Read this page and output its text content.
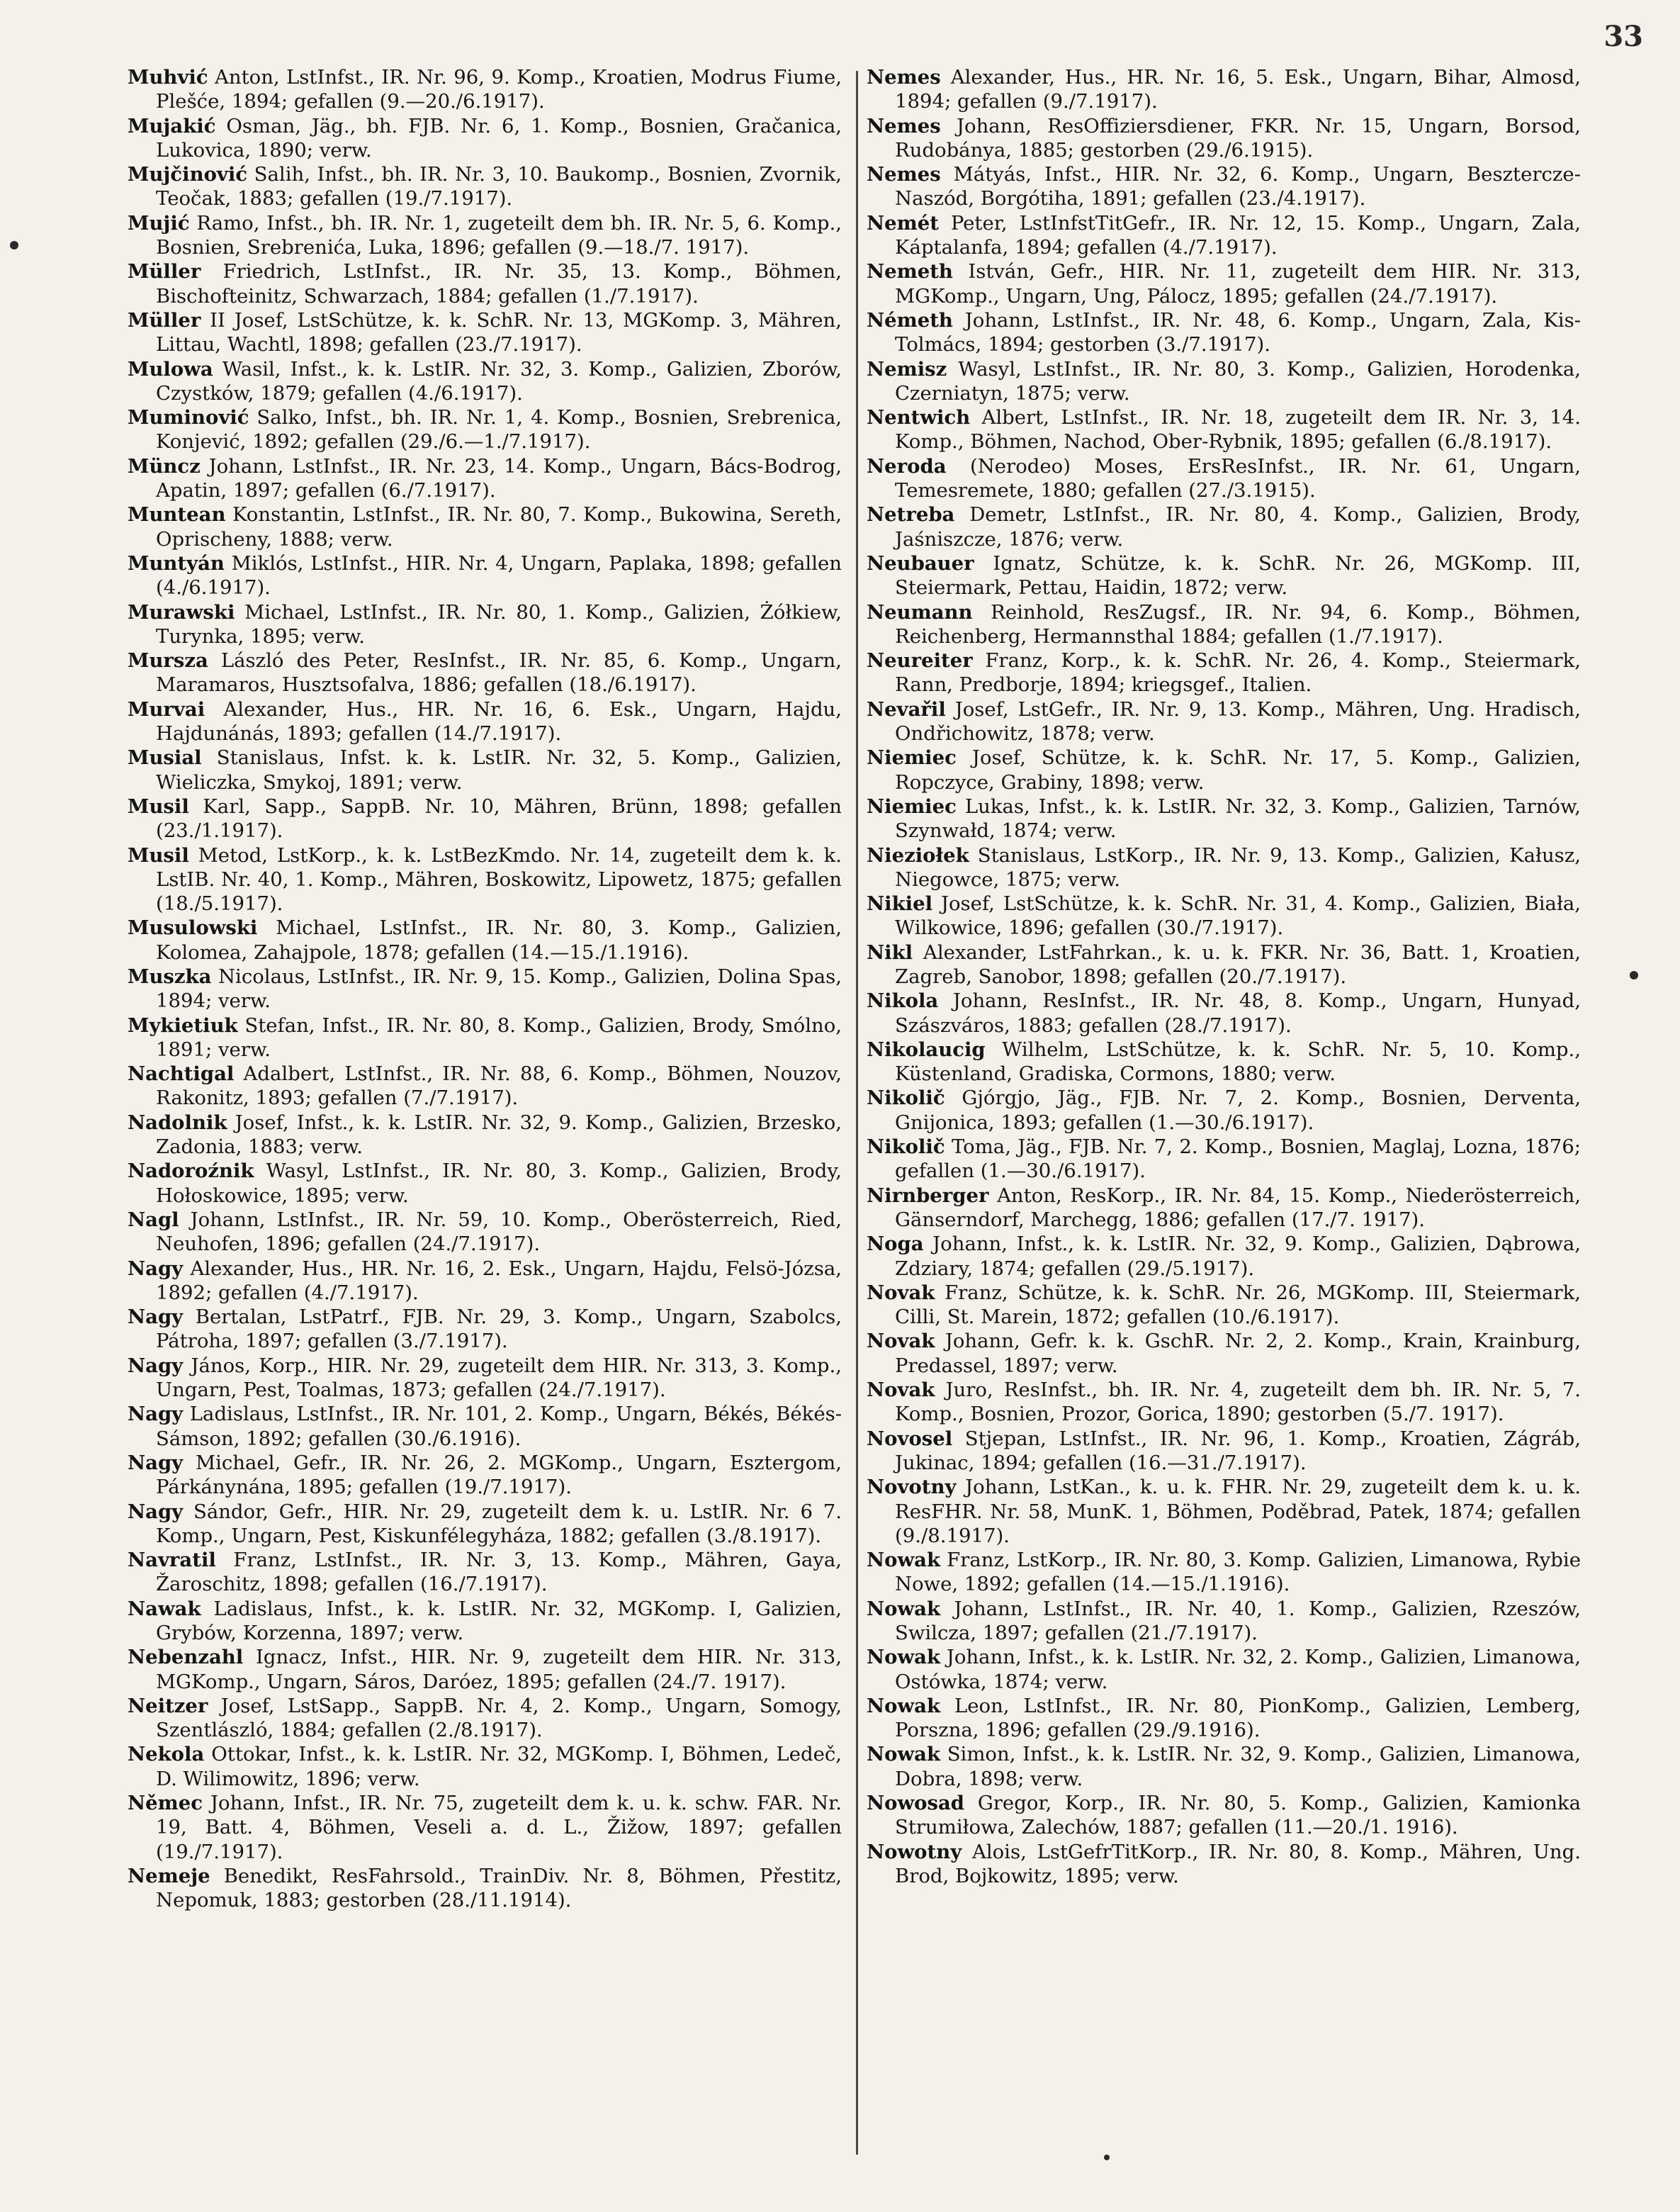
33

Muhvić Anton, LstInfst., IR. Nr. 96, 9. Komp., Kroatien, Modrus Fiume, Plešće, 1894; gefallen (9.—20./6.1917).

Mujakić Osman, Jäg., bh. FJB. Nr. 6, 1. Komp., Bosnien, Gračanica, Lukovica, 1890; verw.

Mujčinović Salih, Infst., bh. IR. Nr. 3, 10. Baukomp., Bosnien, Zvornik, Teočak, 1883; gefallen (19./7.1917).

Mujić Ramo, Infst., bh. IR. Nr. 1, zugeteilt dem bh. IR. Nr. 5, 6. Komp., Bosnien, Srebrenića, Luka, 1896; gefallen (9.—18./7. 1917).

Müller Friedrich, LstInfst., IR. Nr. 35, 13. Komp., Böhmen, Bischofteinitz, Schwarzach, 1884; gefallen (1./7.1917).

Müller II Josef, LstSchütze, k. k. SchR. Nr. 13, MGKomp. 3, Mähren, Littau, Wachtl, 1898; gefallen (23./7.1917).

Mulowa Wasil, Infst., k. k. LstIR. Nr. 32, 3. Komp., Galizien, Zborów, Czystków, 1879; gefallen (4./6.1917).

Muminović Salko, Infst., bh. IR. Nr. 1, 4. Komp., Bosnien, Srebrenica, Konjević, 1892; gefallen (29./6.—1./7.1917).

Müncz Johann, LstInfst., IR. Nr. 23, 14. Komp., Ungarn, Bács-Bodrog, Apatin, 1897; gefallen (6./7.1917).

Muntean Konstantin, LstInfst., IR. Nr. 80, 7. Komp., Bukowina, Sereth, Oprischeny, 1888; verw.

Muntyán Miklós, LstInfst., HIR. Nr. 4, Ungarn, Paplaka, 1898; gefallen (4./6.1917).

Murawski Michael, LstInfst., IR. Nr. 80, 1. Komp., Galizien, Żółkiew, Turynka, 1895; verw.

Mursza László des Peter, ResInfst., IR. Nr. 85, 6. Komp., Ungarn, Maramaros, Husztsofalva, 1886; gefallen (18./6.1917).

Murvai Alexander, Hus., HR. Nr. 16, 6. Esk., Ungarn, Hajdu, Hajdunánás, 1893; gefallen (14./7.1917).

Musial Stanislaus, Infst. k. k. LstIR. Nr. 32, 5. Komp., Galizien, Wieliczka, Smykoj, 1891; verw.

Musil Karl, Sapp., SappB. Nr. 10, Mähren, Brünn, 1898; gefallen (23./1.1917).

Musil Metod, LstKorp., k. k. LstBezKmdo. Nr. 14, zugeteilt dem k. k. LstIB. Nr. 40, 1. Komp., Mähren, Boskowitz, Lipowetz, 1875; gefallen (18./5.1917).

Musulowski Michael, LstInfst., IR. Nr. 80, 3. Komp., Galizien, Kolomea, Zahajpole, 1878; gefallen (14.—15./1.1916).

Muszka Nicolaus, LstInfst., IR. Nr. 9, 15. Komp., Galizien, Dolina Spas, 1894; verw.

Mykietiuk Stefan, Infst., IR. Nr. 80, 8. Komp., Galizien, Brody, Smólno, 1891; verw.

Nachtigal Adalbert, LstInfst., IR. Nr. 88, 6. Komp., Böhmen, Nouzov, Rakonitz, 1893; gefallen (7./7.1917).

Nadolnik Josef, Infst., k. k. LstIR. Nr. 32, 9. Komp., Galizien, Brzesko, Zadonia, 1883; verw.

Nadoroźnik Wasyl, LstInfst., IR. Nr. 80, 3. Komp., Galizien, Brody, Hołoskowice, 1895; verw.

Nagl Johann, LstInfst., IR. Nr. 59, 10. Komp., Oberösterreich, Ried, Neuhofen, 1896; gefallen (24./7.1917).

Nagy Alexander, Hus., HR. Nr. 16, 2. Esk., Ungarn, Hajdu, Felsö-Józsa, 1892; gefallen (4./7.1917).

Nagy Bertalan, LstPatrf., FJB. Nr. 29, 3. Komp., Ungarn, Szabolcs, Pátroha, 1897; gefallen (3./7.1917).

Nagy János, Korp., HIR. Nr. 29, zugeteilt dem HIR. Nr. 313, 3. Komp., Ungarn, Pest, Toalmas, 1873; gefallen (24./7.1917).

Nagy Ladislaus, LstInfst., IR. Nr. 101, 2. Komp., Ungarn, Békés, Békés-Sámson, 1892; gefallen (30./6.1916).

Nagy Michael, Gefr., IR. Nr. 26, 2. MGKomp., Ungarn, Esztergom, Párkánynána, 1895; gefallen (19./7.1917).

Nagy Sándor, Gefr., HIR. Nr. 29, zugeteilt dem k. u. LstIR. Nr. 6 7. Komp., Ungarn, Pest, Kiskunfélegyháza, 1882; gefallen (3./8.1917).

Navratil Franz, LstInfst., IR. Nr. 3, 13. Komp., Mähren, Gaya, Žaroschitz, 1898; gefallen (16./7.1917).

Nawak Ladislaus, Infst., k. k. LstIR. Nr. 32, MGKomp. I, Galizien, Grybów, Korzenna, 1897; verw.

Nebenzahl Ignacz, Infst., HIR. Nr. 9, zugeteilt dem HIR. Nr. 313, MGKomp., Ungarn, Sáros, Daróez, 1895; gefallen (24./7. 1917).

Neitzer Josef, LstSapp., SappB. Nr. 4, 2. Komp., Ungarn, Somogy, Szentlászló, 1884; gefallen (2./8.1917).

Nekola Ottokar, Infst., k. k. LstIR. Nr. 32, MGKomp. I, Böhmen, Ledeč, D. Wilimowitz, 1896; verw.

Němec Johann, Infst., IR. Nr. 75, zugeteilt dem k. u. k. schw. FAR. Nr. 19, Batt. 4, Böhmen, Veseli a. d. L., Žižow, 1897; gefallen (19./7.1917).

Nemeje Benedikt, ResFahrsold., TrainDiv. Nr. 8, Böhmen, Přestitz, Nepomuk, 1883; gestorben (28./11.1914).

Nemes Alexander, Hus., HR. Nr. 16, 5. Esk., Ungarn, Bihar, Almosd, 1894; gefallen (9./7.1917).

Nemes Johann, ResOffiziersdiener, FKR. Nr. 15, Ungarn, Borsod, Rudobánya, 1885; gestorben (29./6.1915).

Nemes Mátyás, Infst., HIR. Nr. 32, 6. Komp., Ungarn, Besztercze-Naszód, Borgótiha, 1891; gefallen (23./4.1917).

Nemét Peter, LstInfstTitGefr., IR. Nr. 12, 15. Komp., Ungarn, Zala, Káptalanfa, 1894; gefallen (4./7.1917).

Nemeth István, Gefr., HIR. Nr. 11, zugeteilt dem HIR. Nr. 313, MGKomp., Ungarn, Ung, Pálocz, 1895; gefallen (24./7.1917).

Németh Johann, LstInfst., IR. Nr. 48, 6. Komp., Ungarn, Zala, Kis-Tolmács, 1894; gestorben (3./7.1917).

Nemisz Wasyl, LstInfst., IR. Nr. 80, 3. Komp., Galizien, Horodenka, Czerniatyn, 1875; verw.

Nentwich Albert, LstInfst., IR. Nr. 18, zugeteilt dem IR. Nr. 3, 14. Komp., Böhmen, Nachod, Ober-Rybnik, 1895; gefallen (6./8.1917).

Neroda (Nerodeo) Moses, ErsResInfst., IR. Nr. 61, Ungarn, Temesremete, 1880; gefallen (27./3.1915).

Netreba Demetr, LstInfst., IR. Nr. 80, 4. Komp., Galizien, Brody, Jaśniszcze, 1876; verw.

Neubauer Ignatz, Schütze, k. k. SchR. Nr. 26, MGKomp. III, Steiermark, Pettau, Haidin, 1872; verw.

Neumann Reinhold, ResZugsf., IR. Nr. 94, 6. Komp., Böhmen, Reichenberg, Hermannsthal 1884; gefallen (1./7.1917).

Neureiter Franz, Korp., k. k. SchR. Nr. 26, 4. Komp., Steiermark, Rann, Predborje, 1894; kriegsgef., Italien.

Nevařil Josef, LstGefr., IR. Nr. 9, 13. Komp., Mähren, Ung. Hradisch, Ondřichowitz, 1878; verw.

Niemiec Josef, Schütze, k. k. SchR. Nr. 17, 5. Komp., Galizien, Ropczyce, Grabiny, 1898; verw.

Niemiec Lukas, Infst., k. k. LstIR. Nr. 32, 3. Komp., Galizien, Tarnów, Szynwałd, 1874; verw.

Nieziołek Stanislaus, LstKorp., IR. Nr. 9, 13. Komp., Galizien, Kałusz, Niegowce, 1875; verw.

Nikiel Josef, LstSchütze, k. k. SchR. Nr. 31, 4. Komp., Galizien, Biała, Wilkowice, 1896; gefallen (30./7.1917).

Nikl Alexander, LstFahrkan., k. u. k. FKR. Nr. 36, Batt. 1, Kroatien, Zagreb, Sanobor, 1898; gefallen (20./7.1917).

Nikola Johann, ResInfst., IR. Nr. 48, 8. Komp., Ungarn, Hunyad, Szászváros, 1883; gefallen (28./7.1917).

Nikolaucig Wilhelm, LstSchütze, k. k. SchR. Nr. 5, 10. Komp., Küstenland, Gradiska, Cormons, 1880; verw.

Nikolič Gjórgjo, Jäg., FJB. Nr. 7, 2. Komp., Bosnien, Derventa, Gnijonica, 1893; gefallen (1.—30./6.1917).

Nikolič Toma, Jäg., FJB. Nr. 7, 2. Komp., Bosnien, Maglaj, Lozna, 1876; gefallen (1.—30./6.1917).

Nirnberger Anton, ResKorp., IR. Nr. 84, 15. Komp., Niederösterreich, Gänserndorf, Marchegg, 1886; gefallen (17./7. 1917).

Noga Johann, Infst., k. k. LstIR. Nr. 32, 9. Komp., Galizien, Dąbrowa, Zdziary, 1874; gefallen (29./5.1917).

Novak Franz, Schütze, k. k. SchR. Nr. 26, MGKomp. III, Steiermark, Cilli, St. Marein, 1872; gefallen (10./6.1917).

Novak Johann, Gefr. k. k. GschR. Nr. 2, 2. Komp., Krain, Krainburg, Predassel, 1897; verw.

Novak Juro, ResInfst., bh. IR. Nr. 4, zugeteilt dem bh. IR. Nr. 5, 7. Komp., Bosnien, Prozor, Gorica, 1890; gestorben (5./7. 1917).

Novosel Stjepan, LstInfst., IR. Nr. 96, 1. Komp., Kroatien, Zágráb, Jukinac, 1894; gefallen (16.—31./7.1917).

Novotny Johann, LstKan., k. u. k. FHR. Nr. 29, zugeteilt dem k. u. k. ResFHR. Nr. 58, MunK. 1, Böhmen, Poděbrad, Patek, 1874; gefallen (9./8.1917).

Nowak Franz, LstKorp., IR. Nr. 80, 3. Komp. Galizien, Limanowa, Rybie Nowe, 1892; gefallen (14.—15./1.1916).

Nowak Johann, LstInfst., IR. Nr. 40, 1. Komp., Galizien, Rzeszów, Swilcza, 1897; gefallen (21./7.1917).

Nowak Johann, Infst., k. k. LstIR. Nr. 32, 2. Komp., Galizien, Limanowa, Ostówka, 1874; verw.

Nowak Leon, LstInfst., IR. Nr. 80, PionKomp., Galizien, Lemberg, Porszna, 1896; gefallen (29./9.1916).

Nowak Simon, Infst., k. k. LstIR. Nr. 32, 9. Komp., Galizien, Limanowa, Dobra, 1898; verw.

Nowosad Gregor, Korp., IR. Nr. 80, 5. Komp., Galizien, Kamionka Strumiłowa, Zalechów, 1887; gefallen (11.—20./1. 1916).

Nowotny Alois, LstGefrTitKorp., IR. Nr. 80, 8. Komp., Mähren, Ung. Brod, Bojkowitz, 1895; verw.
